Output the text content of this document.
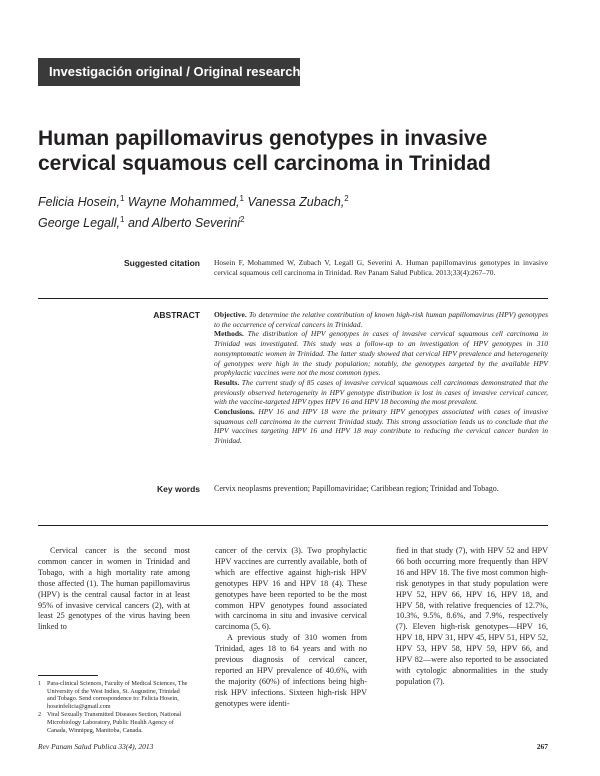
Investigación original / Original research
Human papillomavirus genotypes in invasive cervical squamous cell carcinoma in Trinidad
Felicia Hosein,$^1$ Wayne Mohammed,$^1$ Vanessa Zubach,$^2$
George Legall,$^1$ and Alberto Severini$^2$
Suggested citation Hosein F, Mohammed W, Zubach V, Legall G, Severini A. Human papillomavirus genotypes in invasive cervical squamous cell carcinoma in Trinidad. Rev Panam Salud Publica. 2013;33(4):267–70.
ABSTRACT Objective. To determine the relative contribution of known high-risk human papillomavirus (HPV) genotypes to the occurrence of cervical cancers in Trinidad.

Methods. The distribution of HPV genotypes in cases of invasive cervical squamous cell carcinoma in Trinidad was investigated. This study was a follow-up to an investigation of HPV genotypes in 310 nonsymptomatic women in Trinidad. The latter study showed that cervical HPV prevalence and heterogeneity of genotypes were high in the study population; notably, the genotypes targeted by the available HPV prophylactic vaccines were not the most common types.

Results. The current study of 85 cases of invasive cervical squamous cell carcinomas demonstrated that the previously observed heterogeneity in HPV genotype distribution is lost in cases of invasive cervical cancer, with the vaccine-targeted HPV types HPV 16 and HPV 18 becoming the most prevalent.

Conclusions. HPV 16 and HPV 18 were the primary HPV genotypes associated with cases of invasive squamous cell carcinoma in the current Trinidad study. This strong association leads us to conclude that the HPV vaccines targeting HPV 16 and HPV 18 may contribute to reducing the cervical cancer burden in Trinidad.

Key words Cervix neoplasms prevention; Papillomaviridae; Caribbean region; Trinidad and Tobago.

Cervical cancer is the second most common cancer in women in Trinidad and Tobago, with a high mortality rate among those affected (1). The human papillomavirus (HPV) is the central causal factor in at least 95% of invasive cervical cancers (2), with at least 25 genotypes of the virus having been linked to

cancer of the cervix (3). Two prophylactic HPV vaccines are currently available, both of which are effective against high-risk HPV genotypes HPV 16 and HPV 18 (4). These genotypes have been reported to be the most common HPV genotypes found associated with carcinoma in situ and invasive cervical carcinoma (5, 6).

A previous study of 310 women from Trinidad, ages 18 to 64 years and with no previous diagnosis of cervical cancer, reported an HPV prevalence of 40.6%, with the majority (60%) of infections being high-risk HPV infections. Sixteen high-risk HPV genotypes were identi-

fied in that study (7), with HPV 52 and HPV 66 both occurring more frequently than HPV 16 and HPV 18. The five most common high-risk genotypes in that study population were HPV 52, HPV 66, HPV 16, HPV 18, and HPV 58, with relative frequencies of 12.7%, 10.3%, 9.5%, 8.6%, and 7.9%, respectively (7). Eleven high-risk genotypes—HPV 16, HPV 18, HPV 31, HPV 45, HPV 51, HPV 52, HPV 53, HPV 58, HPV 59, HPV 66, and HPV 82—were also reported to be associated with cytologic abnormalities in the study population (7).

1 Para-clinical Sciences, Faculty of Medical Sciences, The University of the West Indies, St. Augustine, Trinidad and Tobago. Send correspondence to: Felicia Hosein, hoseinfelicia@gmail.com
2 Viral Sexually Transmitted Diseases Section, National Microbiology Laboratory, Public Health Agency of Canada, Winnipeg, Manitoba, Canada.
Rev Panam Salud Publica 33(4), 2013	267
